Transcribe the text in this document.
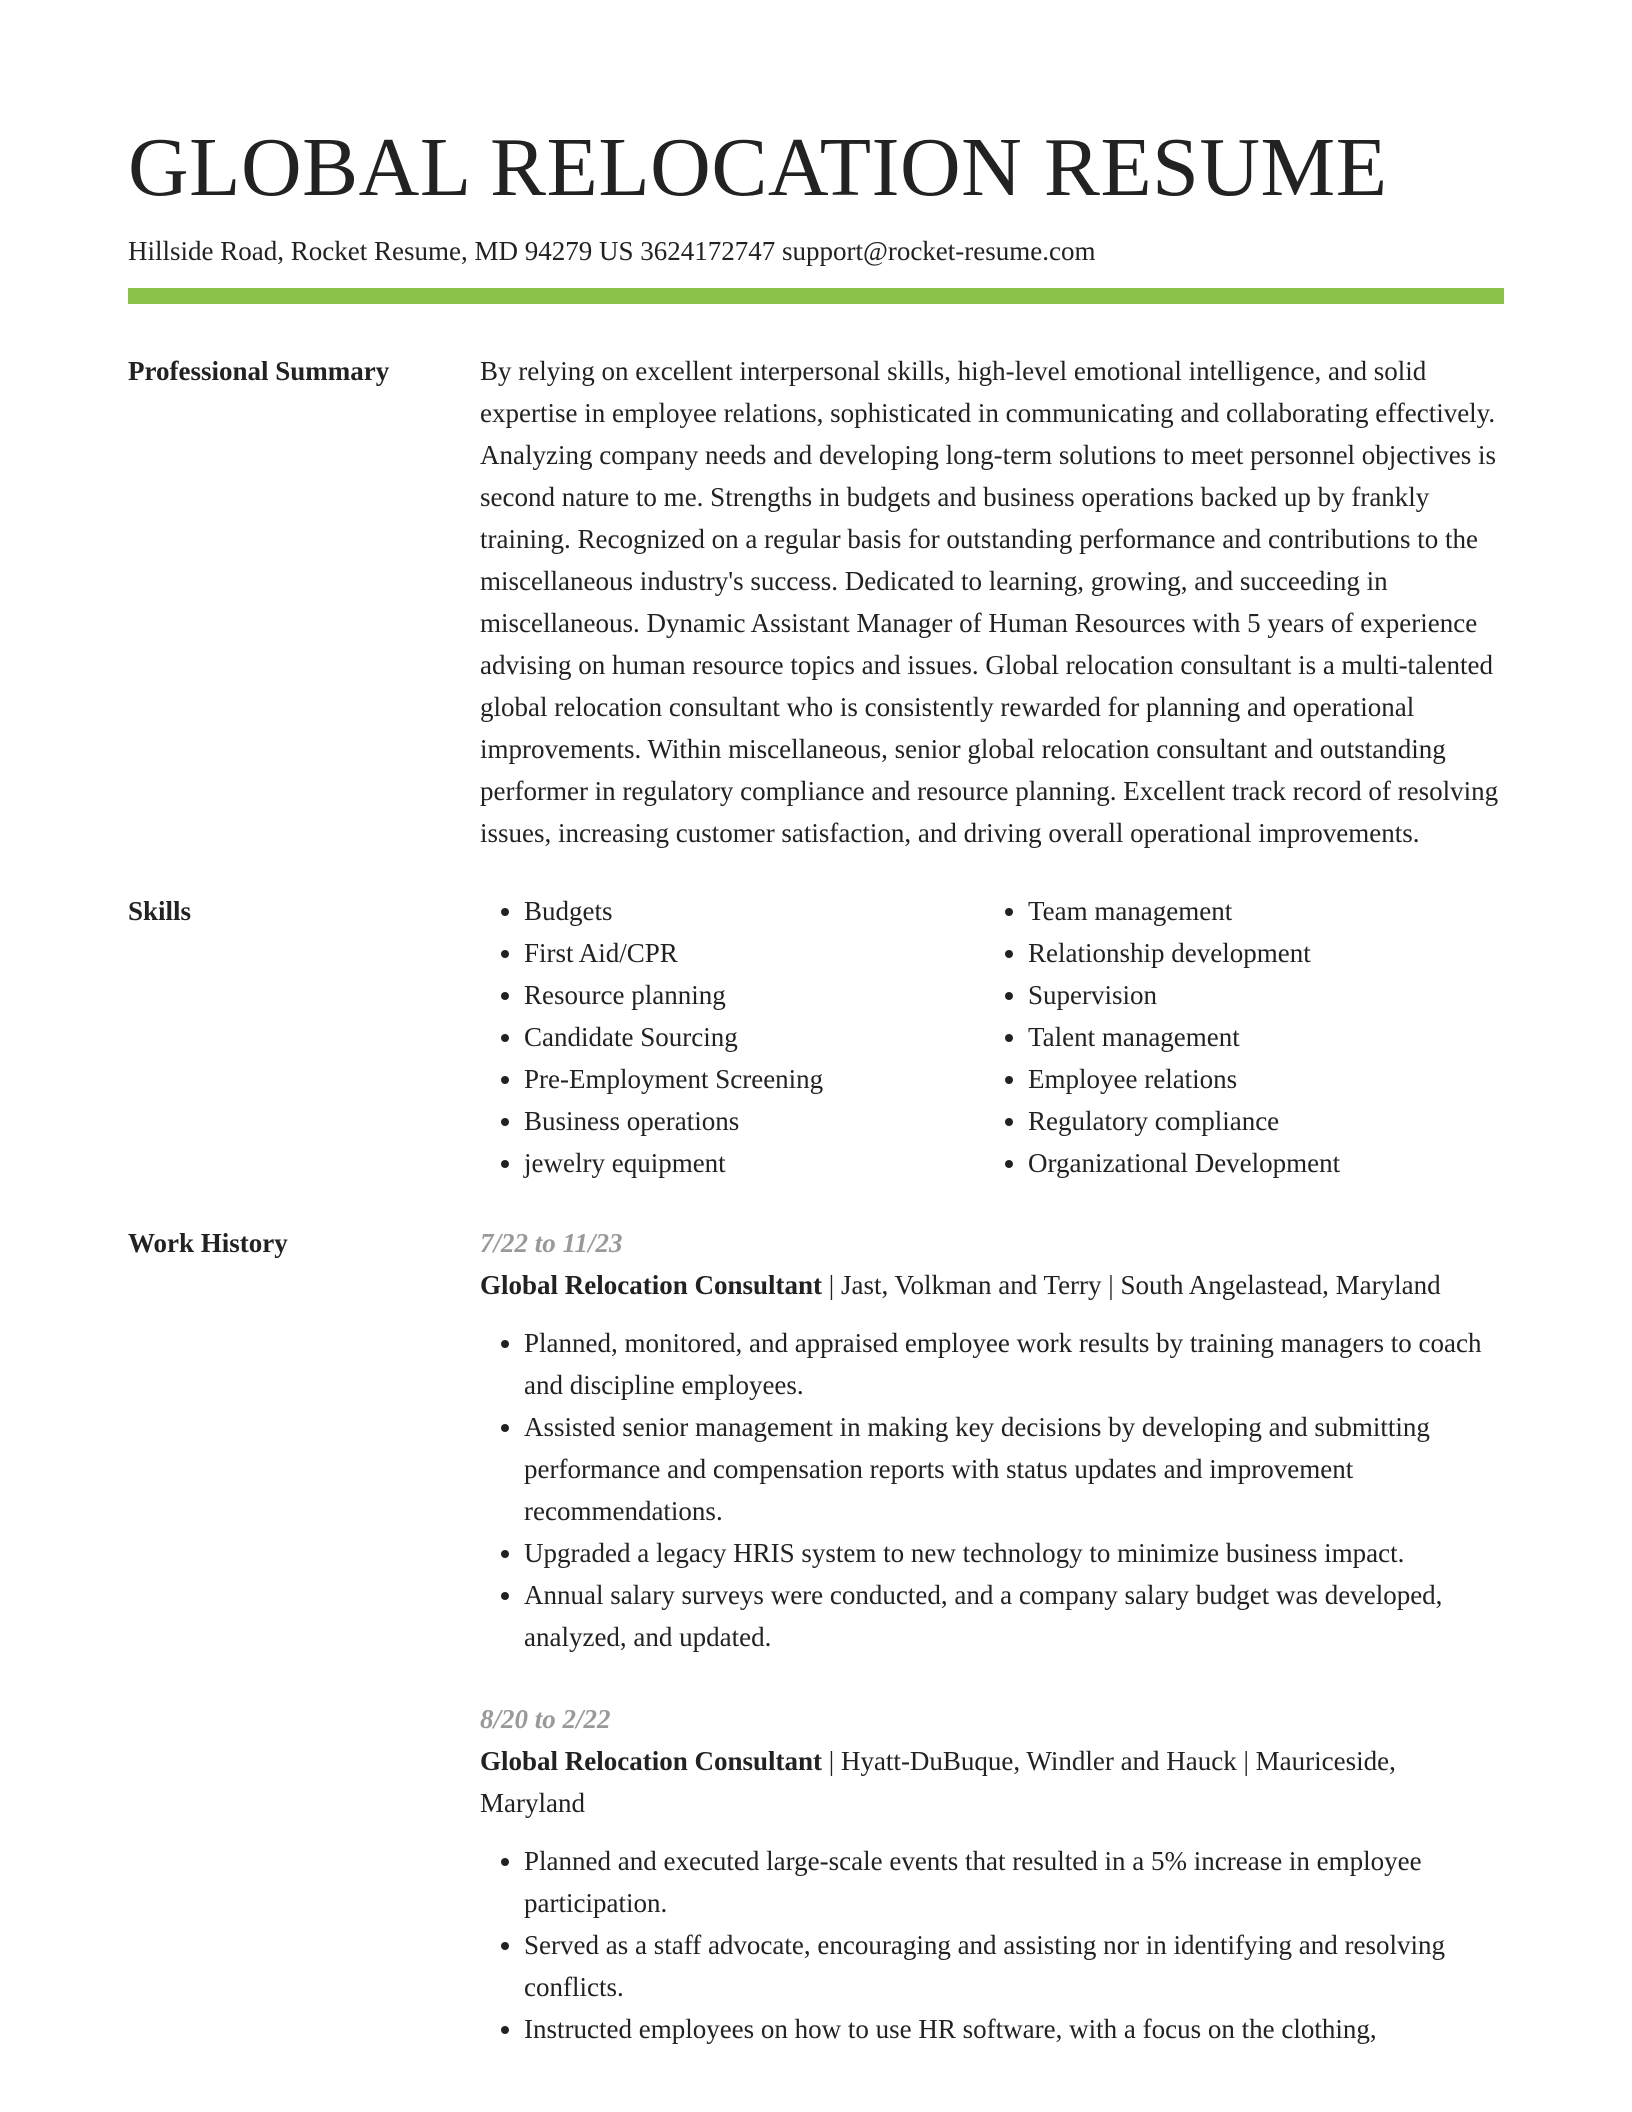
GLOBAL RELOCATION RESUME
Hillside Road, Rocket Resume, MD 94279 US 3624172747 support@rocket-resume.com
Professional Summary	By relying on excellent interpersonal skills, high-level emotional intelligence, and solid expertise in employee relations, sophisticated in communicating and collaborating effectively. Analyzing company needs and developing long-term solutions to meet personnel objectives is second nature to me. Strengths in budgets and business operations backed up by frankly training. Recognized on a regular basis for outstanding performance and contributions to the miscellaneous industry's success. Dedicated to learning, growing, and succeeding in miscellaneous. Dynamic Assistant Manager of Human Resources with 5 years of experience advising on human resource topics and issues. Global relocation consultant is a multi-talented global relocation consultant who is consistently rewarded for planning and operational improvements. Within miscellaneous, senior global relocation consultant and outstanding performer in regulatory compliance and resource planning. Excellent track record of resolving issues, increasing customer satisfaction, and driving overall operational improvements.

Skills
•	Budgets
• First Aid/CPR
• Resource planning
• Candidate Sourcing
• Pre-Employment Screening
• Business operations
• jewelry equipment
• Team management
• Relationship development
• Supervision
• Talent management
• Employee relations
• Regulatory compliance
• Organizational Development
Work History	7/22 to 11/23
Global Relocation Consultant | Jast, Volkman and Terry | South Angelastead, Maryland
• Planned, monitored, and appraised employee work results by training managers to coach and discipline employees.
• Assisted senior management in making key decisions by developing and submitting performance and compensation reports with status updates and improvement recommendations.
• Upgraded a legacy HRIS system to new technology to minimize business impact.
• Annual salary surveys were conducted, and a company salary budget was developed, analyzed, and updated.
8/20 to 2/22
Global Relocation Consultant | Hyatt-DuBuque, Windler and Hauck | Mauriceside, Maryland
• Planned and executed large-scale events that resulted in a 5% increase in employee participation.
• Served as a staff advocate, encouraging and assisting nor in identifying and resolving conflicts.
• Instructed employees on how to use HR software, with a focus on the clothing,
